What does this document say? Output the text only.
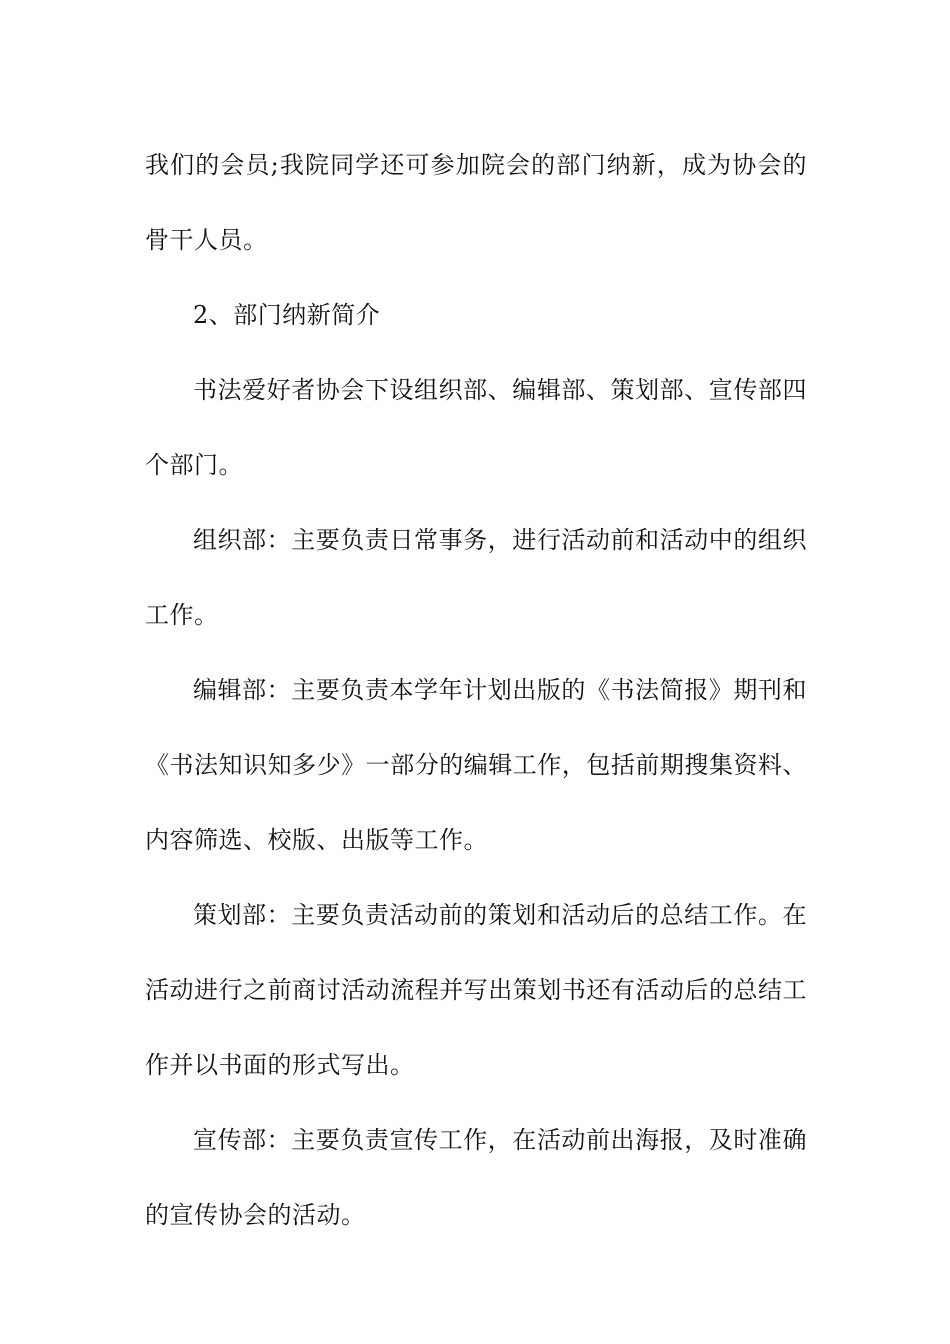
我们的会员;我院同学还可参加院会的部门纳新，成为协会的骨干人员。

2、部门纳新简介

书法爱好者协会下设组织部、编辑部、策划部、宣传部四个部门。

组织部：主要负责日常事务，进行活动前和活动中的组织工作。

编辑部：主要负责本学年计划出版的《书法简报》期刊和《书法知识知多少》一部分的编辑工作，包括前期搜集资料、内容筛选、校版、出版等工作。

策划部：主要负责活动前的策划和活动后的总结工作。在活动进行之前商讨活动流程并写出策划书还有活动后的总结工作并以书面的形式写出。

宣传部：主要负责宣传工作，在活动前出海报，及时准确的宣传协会的活动。
